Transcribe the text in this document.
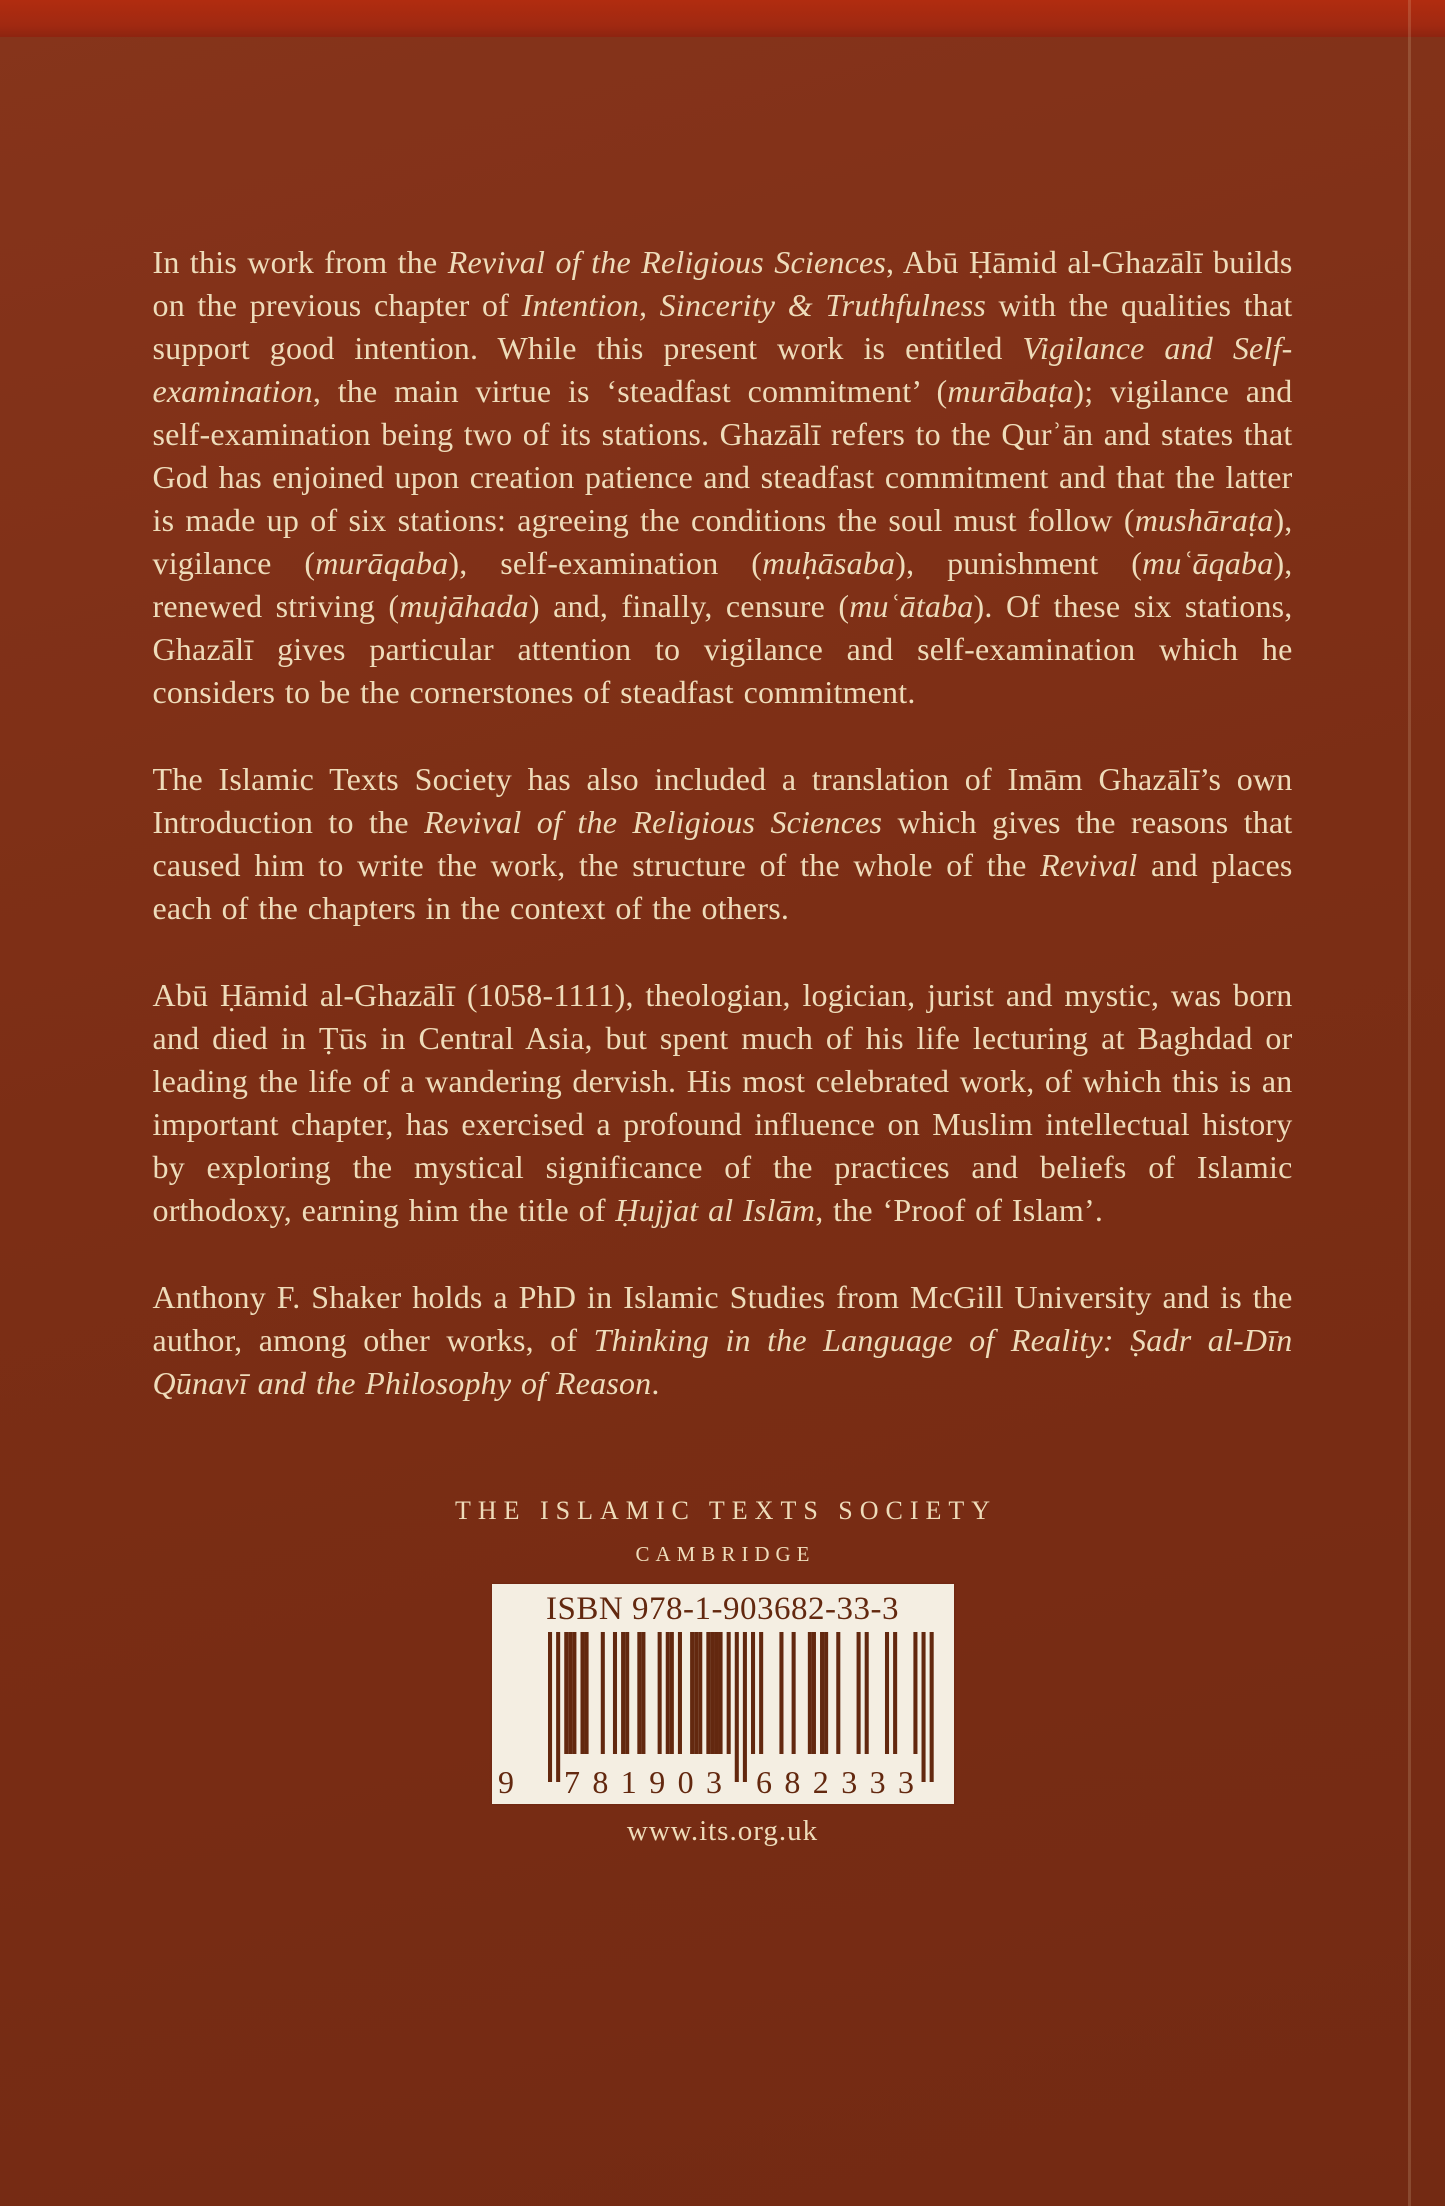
In this work from the Revival of the Religious Sciences, Abū Ḥāmid al-Ghazālī builds on the previous chapter of Intention, Sincerity & Truthfulness with the qualities that support good intention. While this present work is entitled Vigilance and Self-examination, the main virtue is ‘steadfast commitment’ (murābaṭa); vigilance and self-examination being two of its stations. Ghazālī refers to the Qurʾān and states that God has enjoined upon creation patience and steadfast commitment and that the latter is made up of six stations: agreeing the conditions the soul must follow (mushāraṭa), vigilance (murāqaba), self-examination (muḥāsaba), punishment (muʿāqaba), renewed striving (mujāhada) and, finally, censure (muʿātaba). Of these six stations, Ghazālī gives particular attention to vigilance and self-examination which he considers to be the cornerstones of steadfast commitment.

The Islamic Texts Society has also included a translation of Imām Ghazālī’s own Introduction to the Revival of the Religious Sciences which gives the reasons that caused him to write the work, the structure of the whole of the Revival and places each of the chapters in the context of the others.

Abū Ḥāmid al-Ghazālī (1058-1111), theologian, logician, jurist and mystic, was born and died in Ṭūs in Central Asia, but spent much of his life lecturing at Baghdad or leading the life of a wandering dervish. His most celebrated work, of which this is an important chapter, has exercised a profound influence on Muslim intellectual history by exploring the mystical significance of the practices and beliefs of Islamic orthodoxy, earning him the title of Ḥujjat al Islām, the ‘Proof of Islam’.

Anthony F. Shaker holds a PhD in Islamic Studies from McGill University and is the author, among other works, of Thinking in the Language of Reality: Ṣadr al-Dīn Qūnavī and the Philosophy of Reason.

THE ISLAMIC TEXTS SOCIETY
CAMBRIDGE
ISBN 978-1-903682-33-3
9 781903 682333
www.its.org.uk
